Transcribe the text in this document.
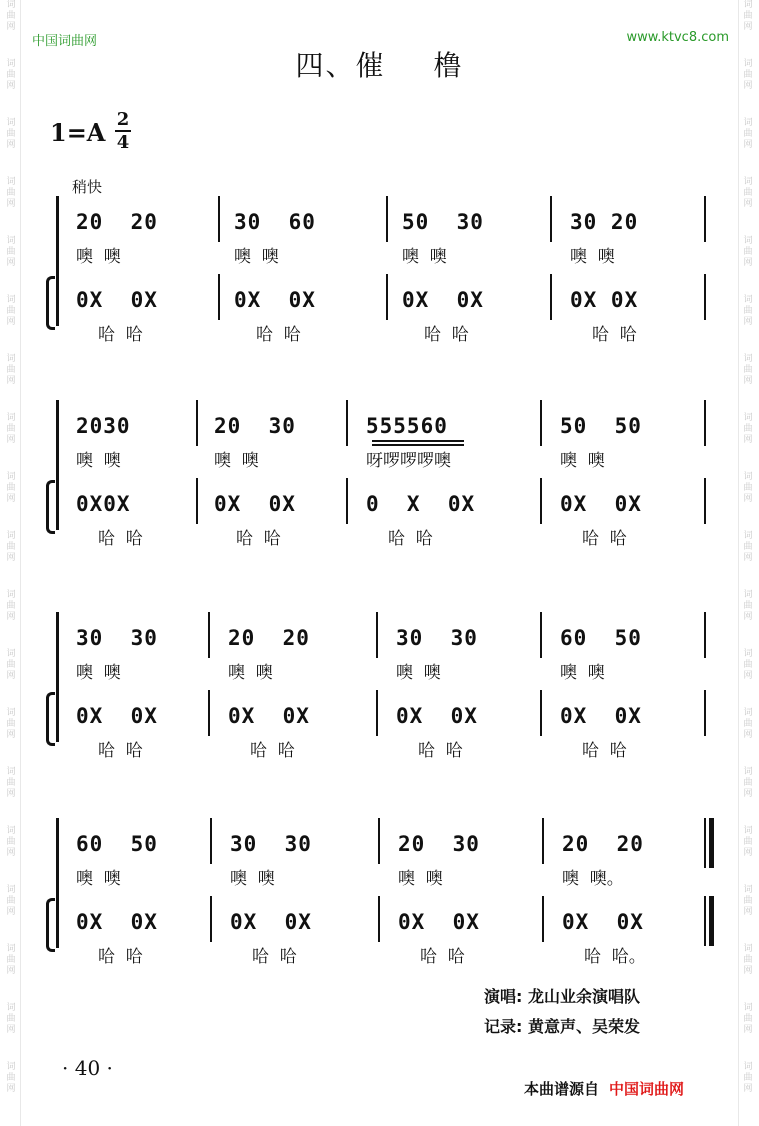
词
曲
网
词
曲
网
词
曲
网
词
曲
网
词
曲
网
词
曲
网
词
曲
网
词
曲
网
词
曲
网
词
曲
网
词
曲
网
词
曲
网
词
曲
网
词
曲
网
词
曲
网
词
曲
网
词
曲
网
词
曲
网
词
曲
网
词
曲
网
词
曲
网
词
曲
网
词
曲
网
词
曲
网
词
曲
网
词
曲
网
词
曲
网
词
曲
网
词
曲
网
词
曲
网
词
曲
网
词
曲
网
词
曲
网
词
曲
网
词
曲
网
词
曲
网
词
曲
网
词
曲
网
中国词曲网	www.ktvc8.com
四、催 橹
1=A 2
4
稍快
20  20	30  60	50  30	30 20
噢  噢	噢  噢	噢  噢	噢  噢
0X  0X	0X  0X	0X  0X	0X 0X
哈  哈	哈  哈	哈  哈	哈  哈
2030	20  30	555560	50  50
噢  噢	噢  噢	呀啰啰啰噢	噢  噢
0X0X	0X  0X	0  X  0X	0X  0X
哈  哈	哈  哈	哈  哈	哈  哈
30  30	20  20	30  30	60  50
噢  噢	噢  噢	噢  噢	噢  噢
0X  0X	0X  0X	0X  0X	0X  0X
哈  哈	哈  哈	哈  哈	哈  哈
60  50	30  30	20  30	20  20
噢  噢	噢  噢	噢  噢	噢  噢。
0X  0X	0X  0X	0X  0X	0X  0X
哈  哈	哈  哈	哈  哈	哈  哈。
演唱: 龙山业余演唱队
记录: 黄意声、吴荣发
· 40 ·
本曲谱源自 中国词曲网
